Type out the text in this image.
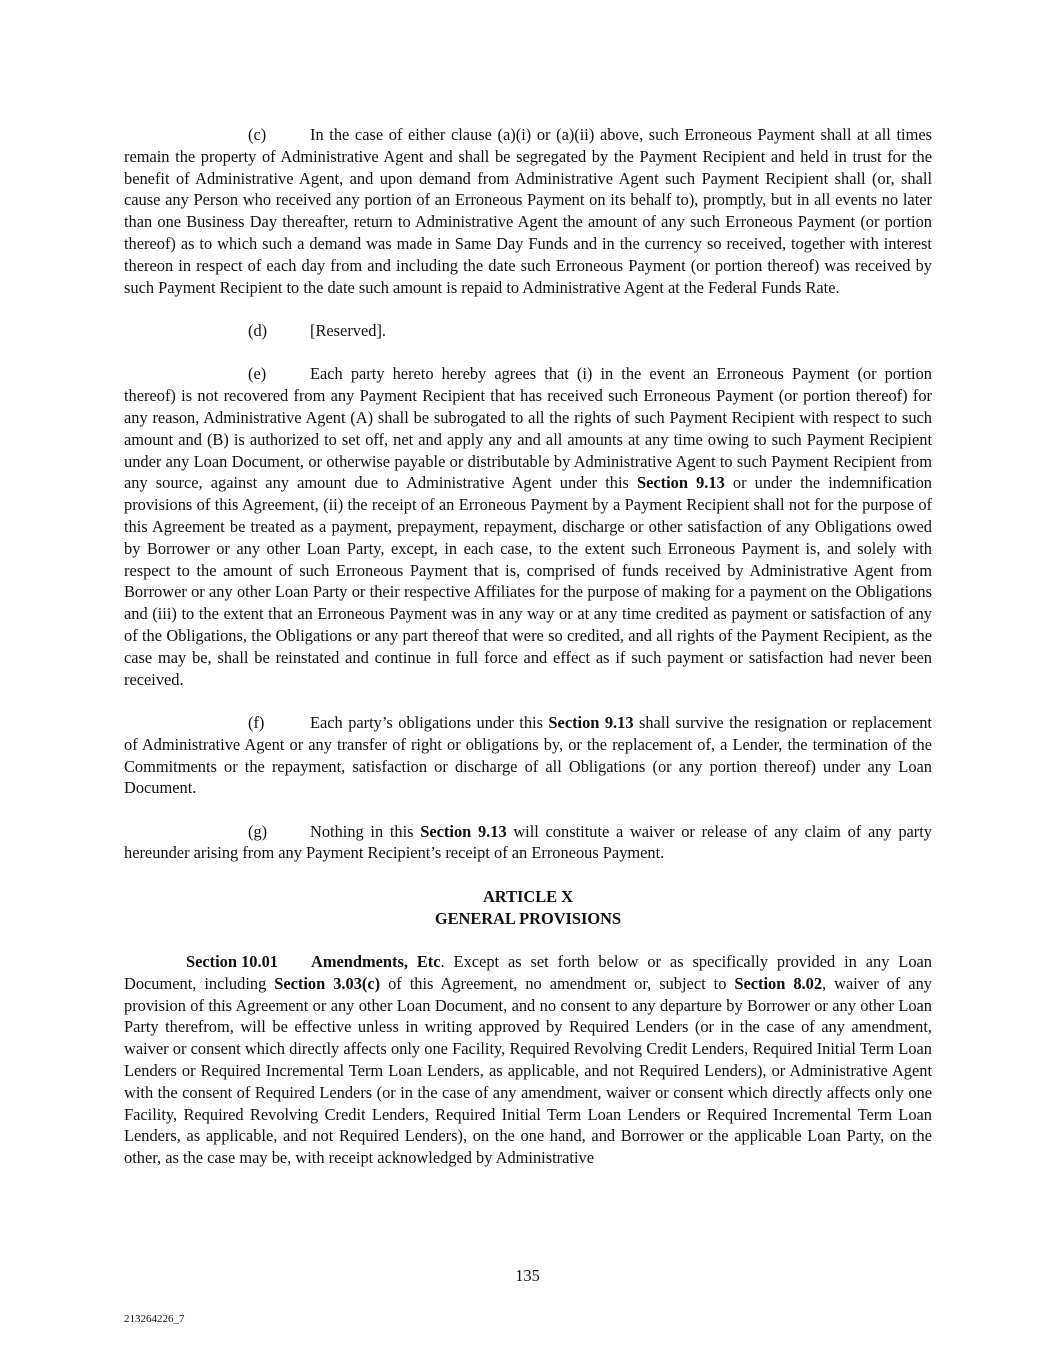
(c)	In the case of either clause (a)(i) or (a)(ii) above, such Erroneous Payment shall at all times remain the property of Administrative Agent and shall be segregated by the Payment Recipient and held in trust for the benefit of Administrative Agent, and upon demand from Administrative Agent such Payment Recipient shall (or, shall cause any Person who received any portion of an Erroneous Payment on its behalf to), promptly, but in all events no later than one Business Day thereafter, return to Administrative Agent the amount of any such Erroneous Payment (or portion thereof) as to which such a demand was made in Same Day Funds and in the currency so received, together with interest thereon in respect of each day from and including the date such Erroneous Payment (or portion thereof) was received by such Payment Recipient to the date such amount is repaid to Administrative Agent at the Federal Funds Rate.

(d)	[Reserved].

(e)	Each party hereto hereby agrees that (i) in the event an Erroneous Payment (or portion thereof) is not recovered from any Payment Recipient that has received such Erroneous Payment (or portion thereof) for any reason, Administrative Agent (A) shall be subrogated to all the rights of such Payment Recipient with respect to such amount and (B) is authorized to set off, net and apply any and all amounts at any time owing to such Payment Recipient under any Loan Document, or otherwise payable or distributable by Administrative Agent to such Payment Recipient from any source, against any amount due to Administrative Agent under this Section 9.13 or under the indemnification provisions of this Agreement, (ii) the receipt of an Erroneous Payment by a Payment Recipient shall not for the purpose of this Agreement be treated as a payment, prepayment, repayment, discharge or other satisfaction of any Obligations owed by Borrower or any other Loan Party, except, in each case, to the extent such Erroneous Payment is, and solely with respect to the amount of such Erroneous Payment that is, comprised of funds received by Administrative Agent from Borrower or any other Loan Party or their respective Affiliates for the purpose of making for a payment on the Obligations and (iii) to the extent that an Erroneous Payment was in any way or at any time credited as payment or satisfaction of any of the Obligations, the Obligations or any part thereof that were so credited, and all rights of the Payment Recipient, as the case may be, shall be reinstated and continue in full force and effect as if such payment or satisfaction had never been received.

(f)	Each party’s obligations under this Section 9.13 shall survive the resignation or replacement of Administrative Agent or any transfer of right or obligations by, or the replacement of, a Lender, the termination of the Commitments or the repayment, satisfaction or discharge of all Obligations (or any portion thereof) under any Loan Document.

(g)	Nothing in this Section 9.13 will constitute a waiver or release of any claim of any party hereunder arising from any Payment Recipient’s receipt of an Erroneous Payment.

ARTICLE X
GENERAL PROVISIONS

Section 10.01 Amendments, Etc. Except as set forth below or as specifically provided in any Loan Document, including Section 3.03(c) of this Agreement, no amendment or, subject to Section 8.02, waiver of any provision of this Agreement or any other Loan Document, and no consent to any departure by Borrower or any other Loan Party therefrom, will be effective unless in writing approved by Required Lenders (or in the case of any amendment, waiver or consent which directly affects only one Facility, Required Revolving Credit Lenders, Required Initial Term Loan Lenders or Required Incremental Term Loan Lenders, as applicable, and not Required Lenders), or Administrative Agent with the consent of Required Lenders (or in the case of any amendment, waiver or consent which directly affects only one Facility, Required Revolving Credit Lenders, Required Initial Term Loan Lenders or Required Incremental Term Loan Lenders, as applicable, and not Required Lenders), on the one hand, and Borrower or the applicable Loan Party, on the other, as the case may be, with receipt acknowledged by Administrative

135
213264226_7
